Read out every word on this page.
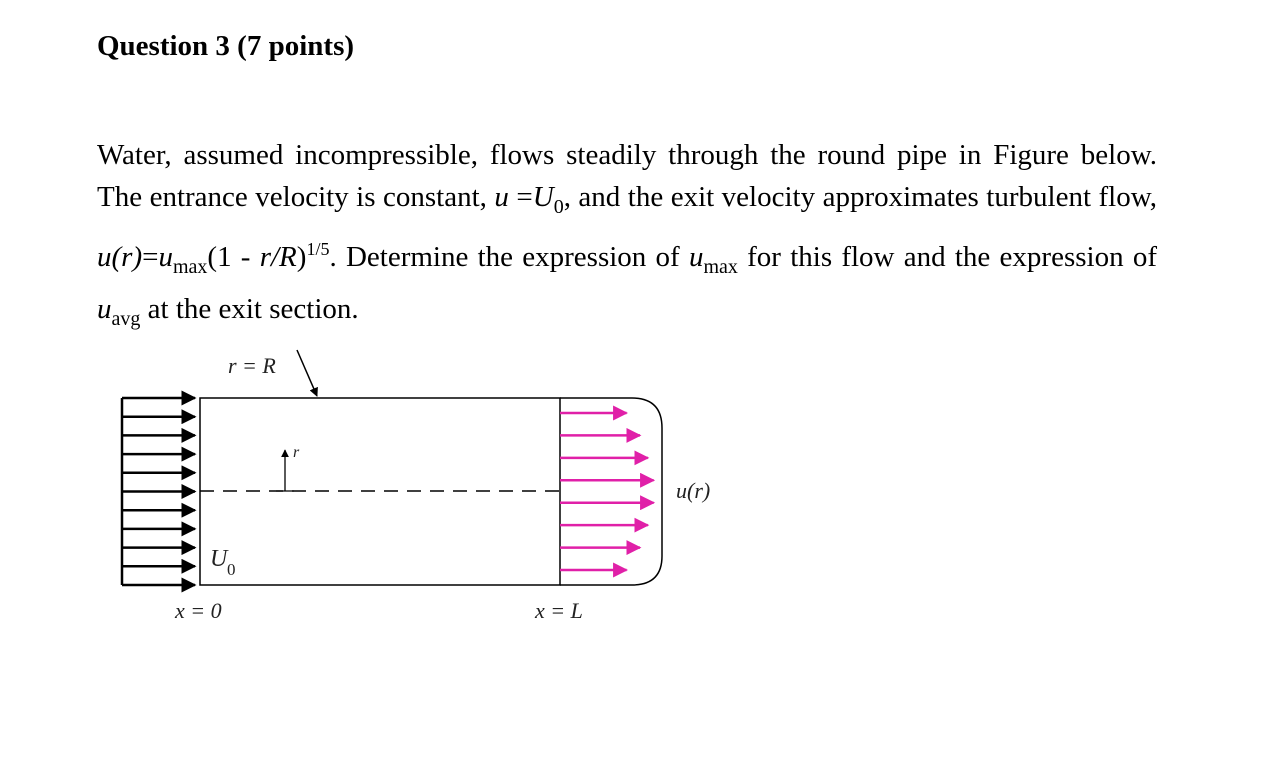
Question 3 (7 points)
Water, assumed incompressible, flows steadily through the round pipe in Figure below. The entrance velocity is constant, $u =U_0$, and the exit velocity approximates turbulent flow, $u(r)=u_{max}(1 - r/R)^{1/5}$. Determine the expression of $u_{max}$ for this flow and the expression of $u_{avg}$ at the exit section.
r = R
r
U 0
x = 0	x = L
u(r)
